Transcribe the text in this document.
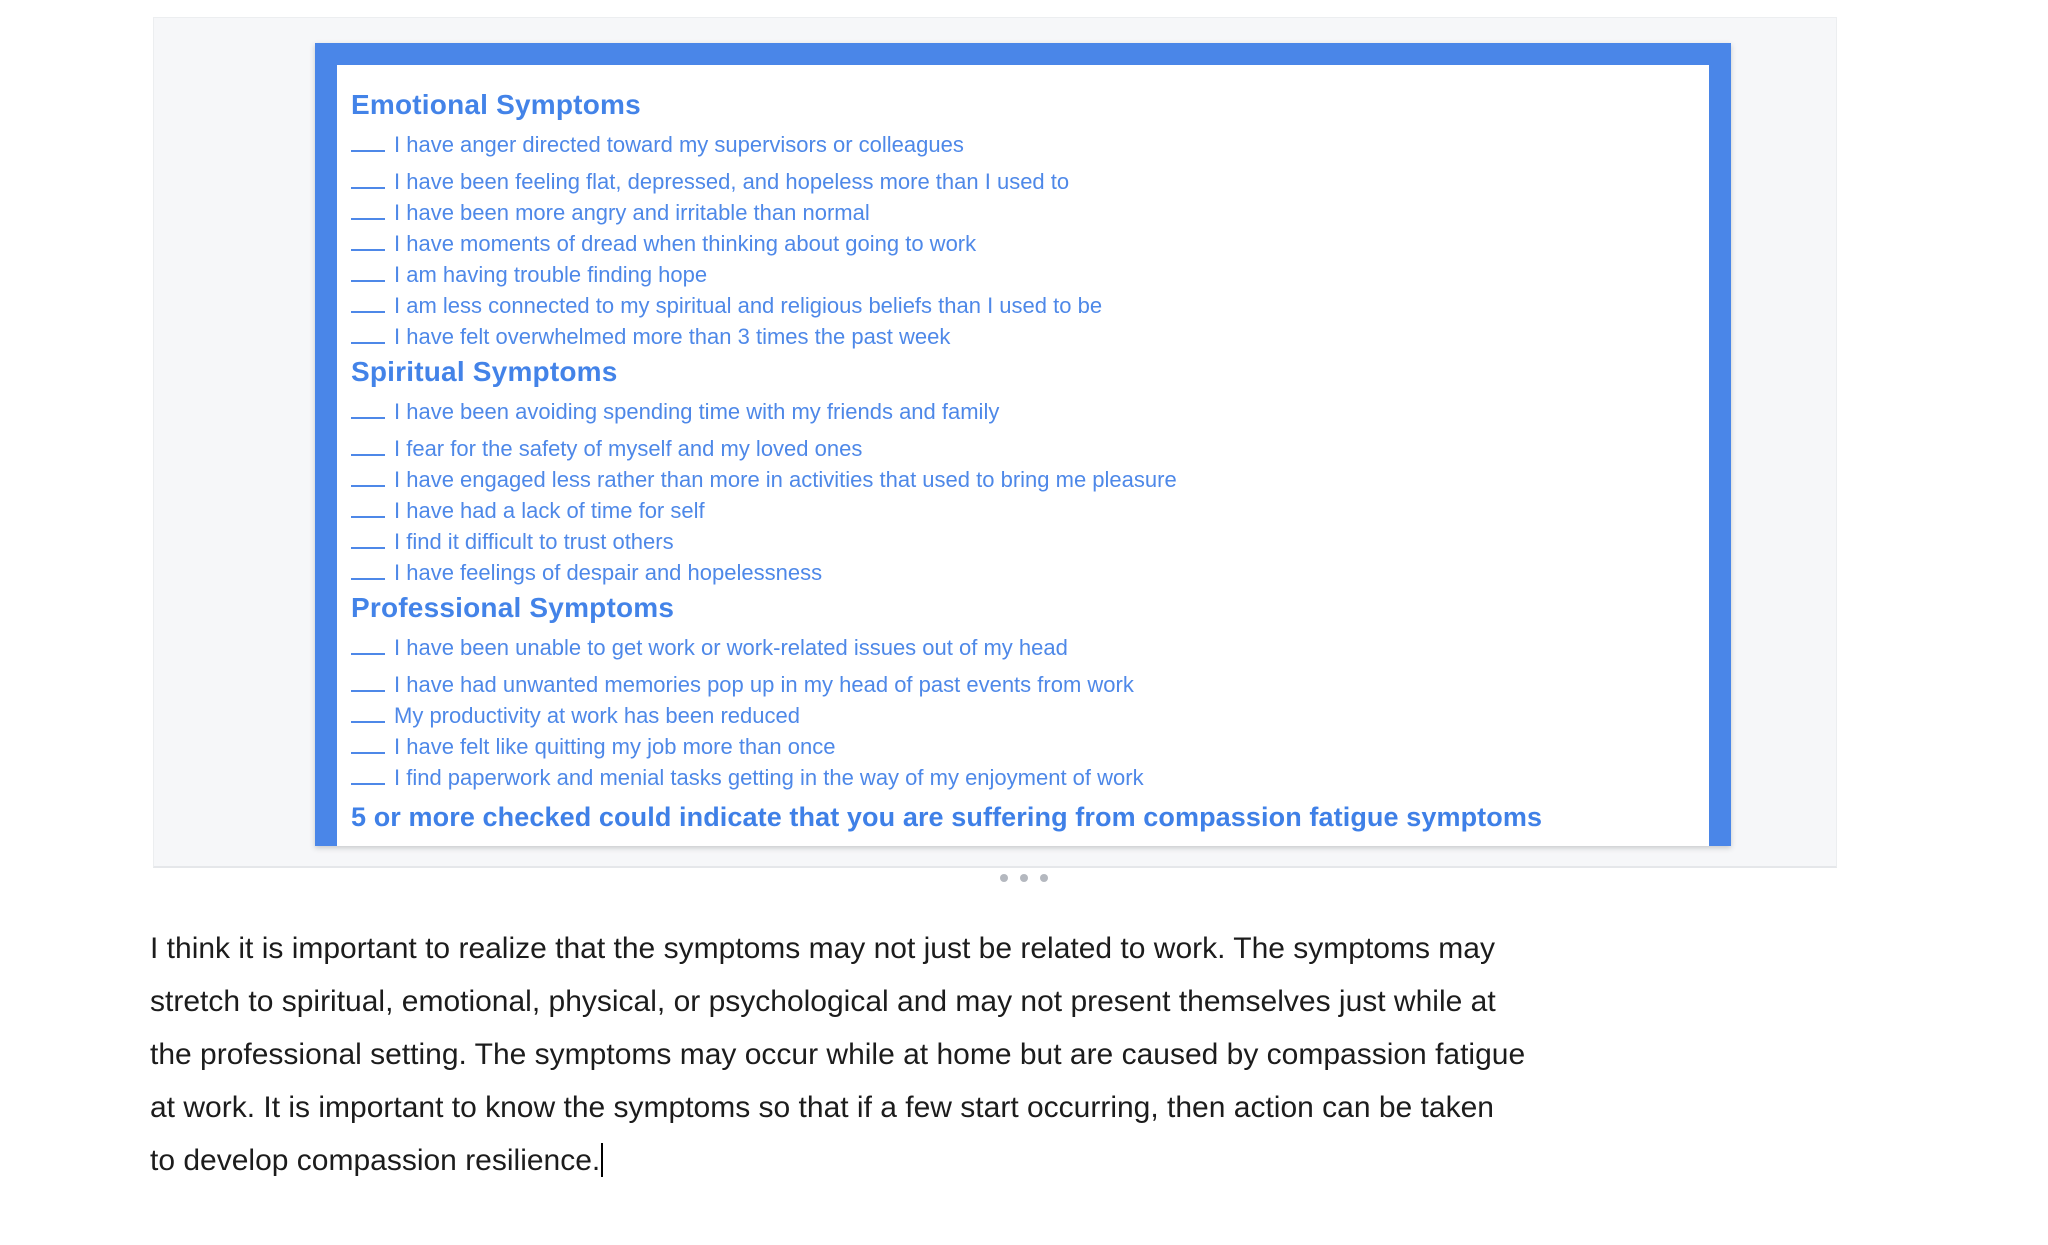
Emotional Symptoms
I have anger directed toward my supervisors or colleagues
I have been feeling flat, depressed, and hopeless more than I used to
I have been more angry and irritable than normal
I have moments of dread when thinking about going to work
I am having trouble finding hope
I am less connected to my spiritual and religious beliefs than I used to be
I have felt overwhelmed more than 3 times the past week
Spiritual Symptoms
I have been avoiding spending time with my friends and family
I fear for the safety of myself and my loved ones
I have engaged less rather than more in activities that used to bring me pleasure
I have had a lack of time for self
I find it difficult to trust others
I have feelings of despair and hopelessness
Professional Symptoms
I have been unable to get work or work-related issues out of my head
I have had unwanted memories pop up in my head of past events from work
My productivity at work has been reduced
I have felt like quitting my job more than once
I find paperwork and menial tasks getting in the way of my enjoyment of work
5 or more checked could indicate that you are suffering from compassion fatigue symptoms
I think it is important to realize that the symptoms may not just be related to work. The symptoms may
stretch to spiritual, emotional, physical, or psychological and may not present themselves just while at
the professional setting. The symptoms may occur while at home but are caused by compassion fatigue
at work. It is important to know the symptoms so that if a few start occurring, then action can be taken
to develop compassion resilience.
